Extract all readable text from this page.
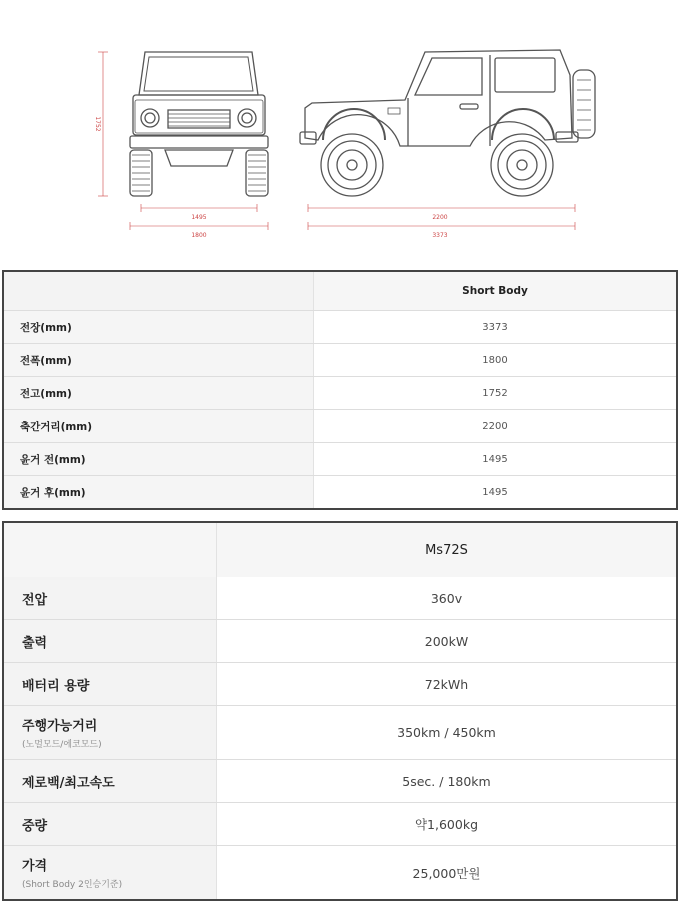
1752
1495
1800
2200
3373
	Short Body
전장(mm)	3373
전폭(mm)	1800
전고(mm)	1752
축간거리(mm)	2200
윤거 전(mm)	1495
윤거 후(mm)	1495
	Ms72S
전압	360v
출력	200kW
배터리 용량	72kWh
주행가능거리
(노멀모드/에코모드)	350km / 450km
제로백/최고속도	5sec. / 180km
중량	약1,600kg
가격
(Short Body 2인승기준)	25,000만원
